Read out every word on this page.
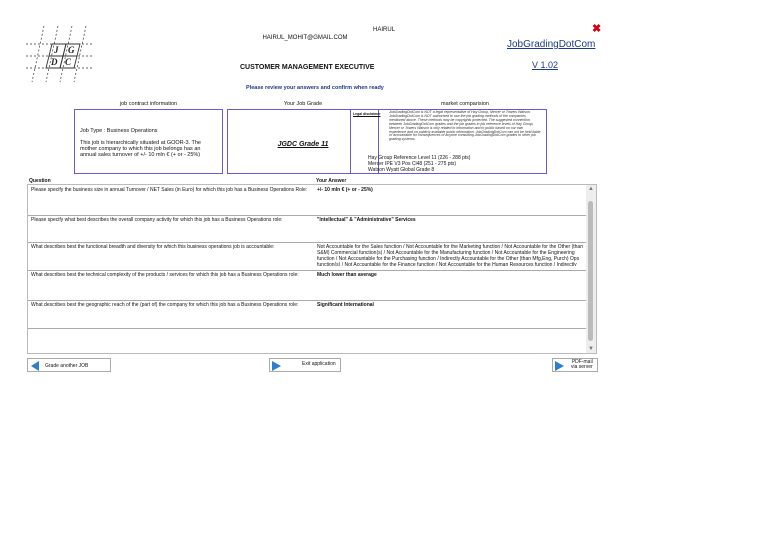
J G
D C
HAIRUL
HAIRUL_MOHIT@GMAIL.COM
✖
JobGradingDotCom
V 1.02
CUSTOMER MANAGEMENT EXECUTIVE
Please review your answers and confirm when ready
job contract information	Your Job Grade	market comparision
Job Type : Business Operations
This job is hierarchically situated at GOOR-3. The mother company to which this job belongs has an annual sales turnover of +/- 10 mln € (+ or - 25%)
JGDC Grade 11
Legal disclaimer JobGradingDotCom is NOT a legal representative of Hay Group, Mercer or Towers Watson. JobGradingDotCom is NOT authorised to use the job grading methods of the companies mentioned above. These methods may be copyrights protected. The suggested connection between JobGradingDotCom grades and the job grades in job reference levels of Hay Group, Mercer or Towers Watson is only related to information and to public based on our own experience and on publicly available public information. JobGradingDotCom can not be held liable or accountable for consequences of anyone consulting JobGradingDotCom grades to other job grading systems.
Hay Group Reference Level 11 (226 - 288 pts)
Mercer IPE V3 Pos Cl48 (251 - 275 pts)
Watson Wyatt Global Grade 8
Question	Your Answer
Please specify the business size in annual Turnover / NET Sales (in Euro) for which this job has a Business Operations Role:	+/- 10 mln € (+ or - 25%)
Please specify what best describes the overall company activity for which this job has a Business Operations role:	"Intellectual" & "Administrative" Services
What describes best the functional breadth and diversity for which this business operations job is accountable:	Not Accountable for the Sales function / Not Accountable for the Marketing function / Not Accountable for the Other (than S&M) Commercial function(s) / Not Accountable for the Manufacturing function / Not Accountable for the Engineering function / Not Accountable for the Purchasing function / Indirectly Accountable for the Other (than Mfg,Eng, Purch) Ops function(s) / Not Accountable for the Finance function / Not Accountable for the Human Resources function / Indirectly
What describes best the technical complexity of the products / services for which this job has a Business Operations role:	Much lower than average
What describes best the geographic reach of the (part of) the company for which this job has a Business Operations role:	Significant International
▲
▼
Grade another JOB	Exit application	PDF-mail
via server
